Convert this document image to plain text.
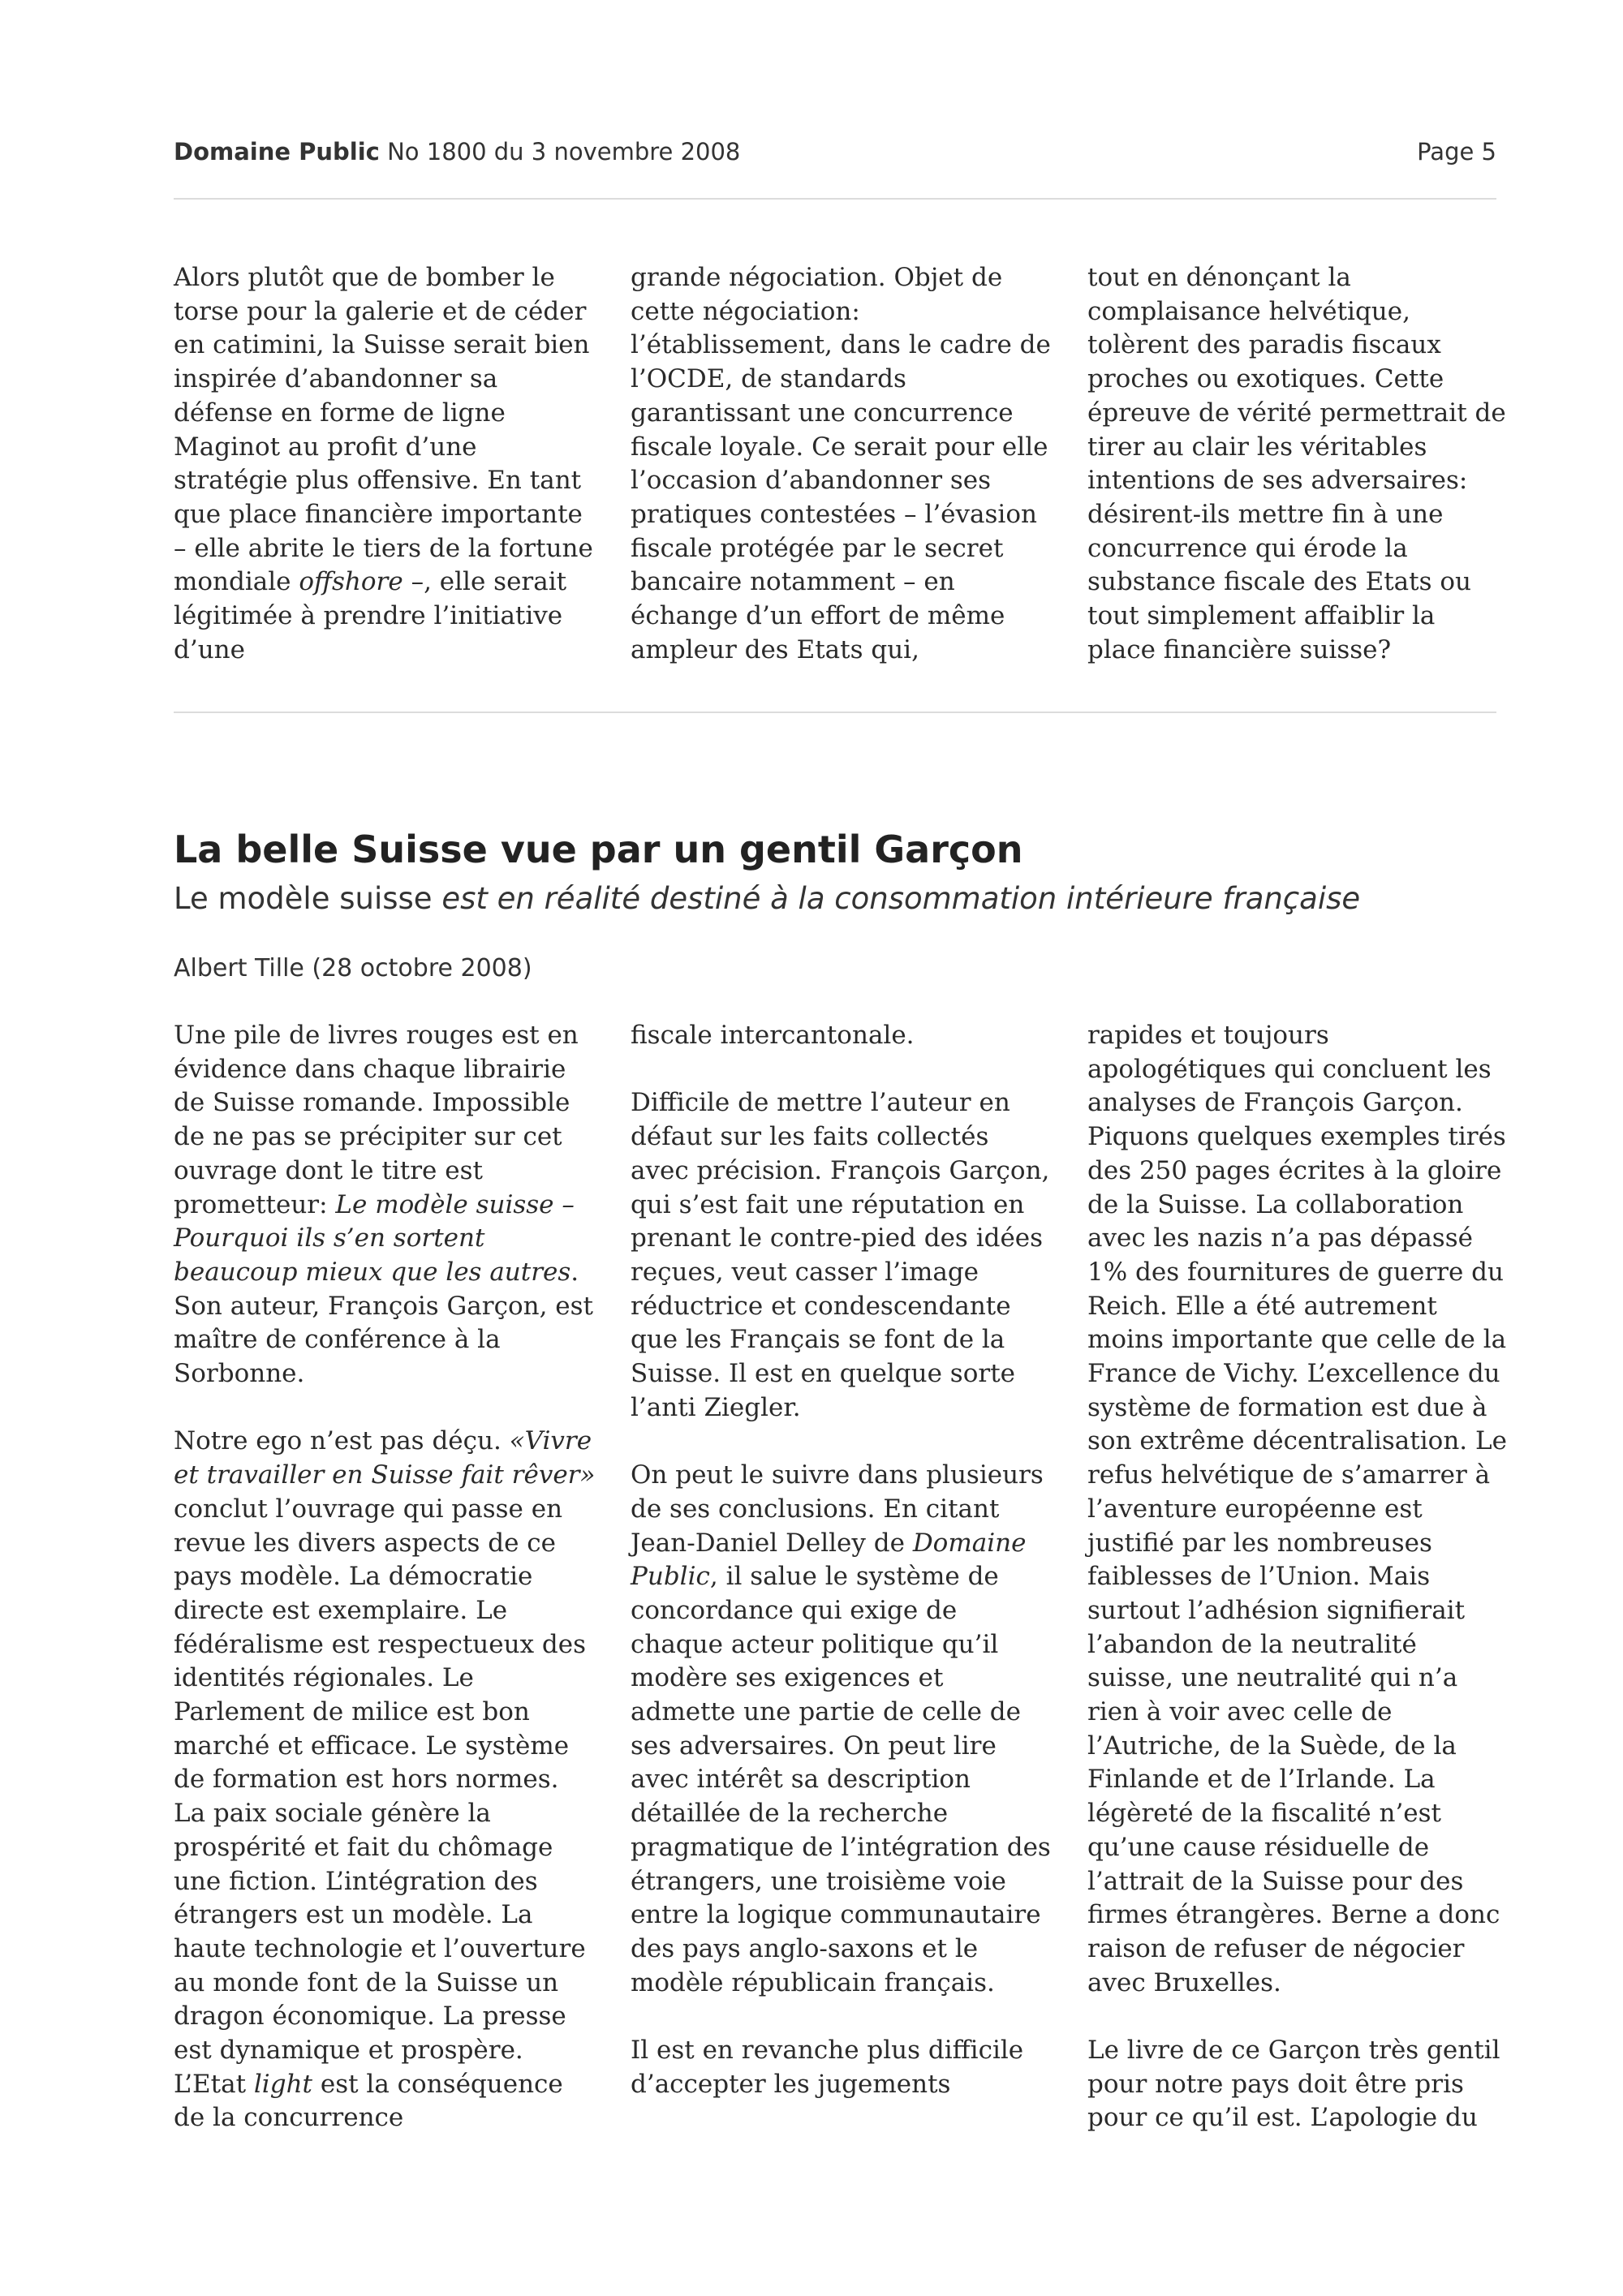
Domaine Public No 1800 du 3 novembre 2008	Page 5

Alors plutôt que de bomber le torse pour la galerie et de céder en catimini, la Suisse serait bien inspirée d’abandonner sa défense en forme de ligne Maginot au profit d’une stratégie plus offensive. En tant que place financière importante – elle abrite le tiers de la fortune mondiale offshore –, elle serait légitimée à prendre l’initiative d’une

grande négociation. Objet de cette négociation: l’établissement, dans le cadre de l’OCDE, de standards garantissant une concurrence fiscale loyale. Ce serait pour elle l’occasion d’abandonner ses pratiques contestées – l’évasion fiscale protégée par le secret bancaire notamment – en échange d’un effort de même ampleur des Etats qui,

tout en dénonçant la complaisance helvétique, tolèrent des paradis fiscaux proches ou exotiques. Cette épreuve de vérité permettrait de tirer au clair les véritables intentions de ses adversaires: désirent-ils mettre fin à une concurrence qui érode la substance fiscale des Etats ou tout simplement affaiblir la place financière suisse?

La belle Suisse vue par un gentil Garçon
Le modèle suisse est en réalité destiné à la consommation intérieure française
Albert Tille (28 octobre 2008)

Une pile de livres rouges est en évidence dans chaque librairie de Suisse romande. Impossible de ne pas se précipiter sur cet ouvrage dont le titre est prometteur: Le modèle suisse – Pourquoi ils s’en sortent beaucoup mieux que les autres. Son auteur, François Garçon, est maître de conférence à la Sorbonne.

Notre ego n’est pas déçu. «Vivre et travailler en Suisse fait rêver» conclut l’ouvrage qui passe en revue les divers aspects de ce pays modèle. La démocratie directe est exemplaire. Le fédéralisme est respectueux des identités régionales. Le Parlement de milice est bon marché et efficace. Le système de formation est hors normes. La paix sociale génère la prospérité et fait du chômage une fiction. L’intégration des étrangers est un modèle. La haute technologie et l’ouverture au monde font de la Suisse un dragon économique. La presse est dynamique et prospère. L’Etat light est la conséquence de la concurrence

fiscale intercantonale.

Difficile de mettre l’auteur en défaut sur les faits collectés avec précision. François Garçon, qui s’est fait une réputation en prenant le contre-pied des idées reçues, veut casser l’image réductrice et condescendante que les Français se font de la Suisse. Il est en quelque sorte l’anti Ziegler.

On peut le suivre dans plusieurs de ses conclusions. En citant Jean-Daniel Delley de Domaine Public, il salue le système de concordance qui exige de chaque acteur politique qu’il modère ses exigences et admette une partie de celle de ses adversaires. On peut lire avec intérêt sa description détaillée de la recherche pragmatique de l’intégration des étrangers, une troisième voie entre la logique communautaire des pays anglo-saxons et le modèle républicain français.

Il est en revanche plus difficile d’accepter les jugements

rapides et toujours apologétiques qui concluent les analyses de François Garçon. Piquons quelques exemples tirés des 250 pages écrites à la gloire de la Suisse. La collaboration avec les nazis n’a pas dépassé 1% des fournitures de guerre du Reich. Elle a été autrement moins importante que celle de la France de Vichy. L’excellence du système de formation est due à son extrême décentralisation. Le refus helvétique de s’amarrer à l’aventure européenne est justifié par les nombreuses faiblesses de l’Union. Mais surtout l’adhésion signifierait l’abandon de la neutralité suisse, une neutralité qui n’a rien à voir avec celle de l’Autriche, de la Suède, de la Finlande et de l’Irlande. La légèreté de la fiscalité n’est qu’une cause résiduelle de l’attrait de la Suisse pour des firmes étrangères. Berne a donc raison de refuser de négocier avec Bruxelles.

Le livre de ce Garçon très gentil pour notre pays doit être pris pour ce qu’il est. L’apologie du
